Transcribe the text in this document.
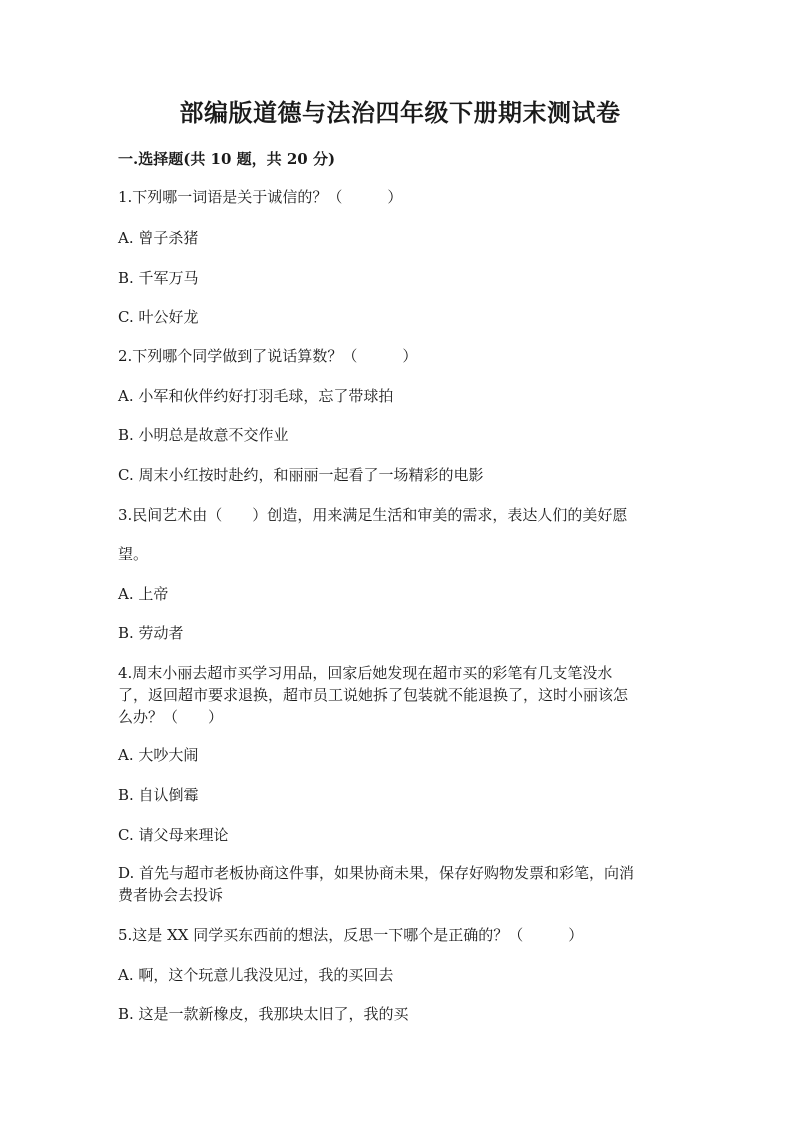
部编版道德与法治四年级下册期末测试卷
一.选择题(共 10 题，共 20 分)
1.下列哪一词语是关于诚信的？（　　　）
A. 曾子杀猪
B. 千军万马
C. 叶公好龙
2.下列哪个同学做到了说话算数？（　　　）
A. 小军和伙伴约好打羽毛球，忘了带球拍
B. 小明总是故意不交作业
C. 周末小红按时赴约，和丽丽一起看了一场精彩的电影
3.民间艺术由（　　）创造，用来满足生活和审美的需求，表达人们的美好愿
望。
A. 上帝
B. 劳动者
4.周末小丽去超市买学习用品，回家后她发现在超市买的彩笔有几支笔没水
了，返回超市要求退换，超市员工说她拆了包装就不能退换了，这时小丽该怎
么办？（　　）
A. 大吵大闹
B. 自认倒霉
C. 请父母来理论
D. 首先与超市老板协商这件事，如果协商未果，保存好购物发票和彩笔，向消
费者协会去投诉
5.这是 XX 同学买东西前的想法，反思一下哪个是正确的？（　　　）
A. 啊，这个玩意儿我没见过，我的买回去
B. 这是一款新橡皮，我那块太旧了，我的买
